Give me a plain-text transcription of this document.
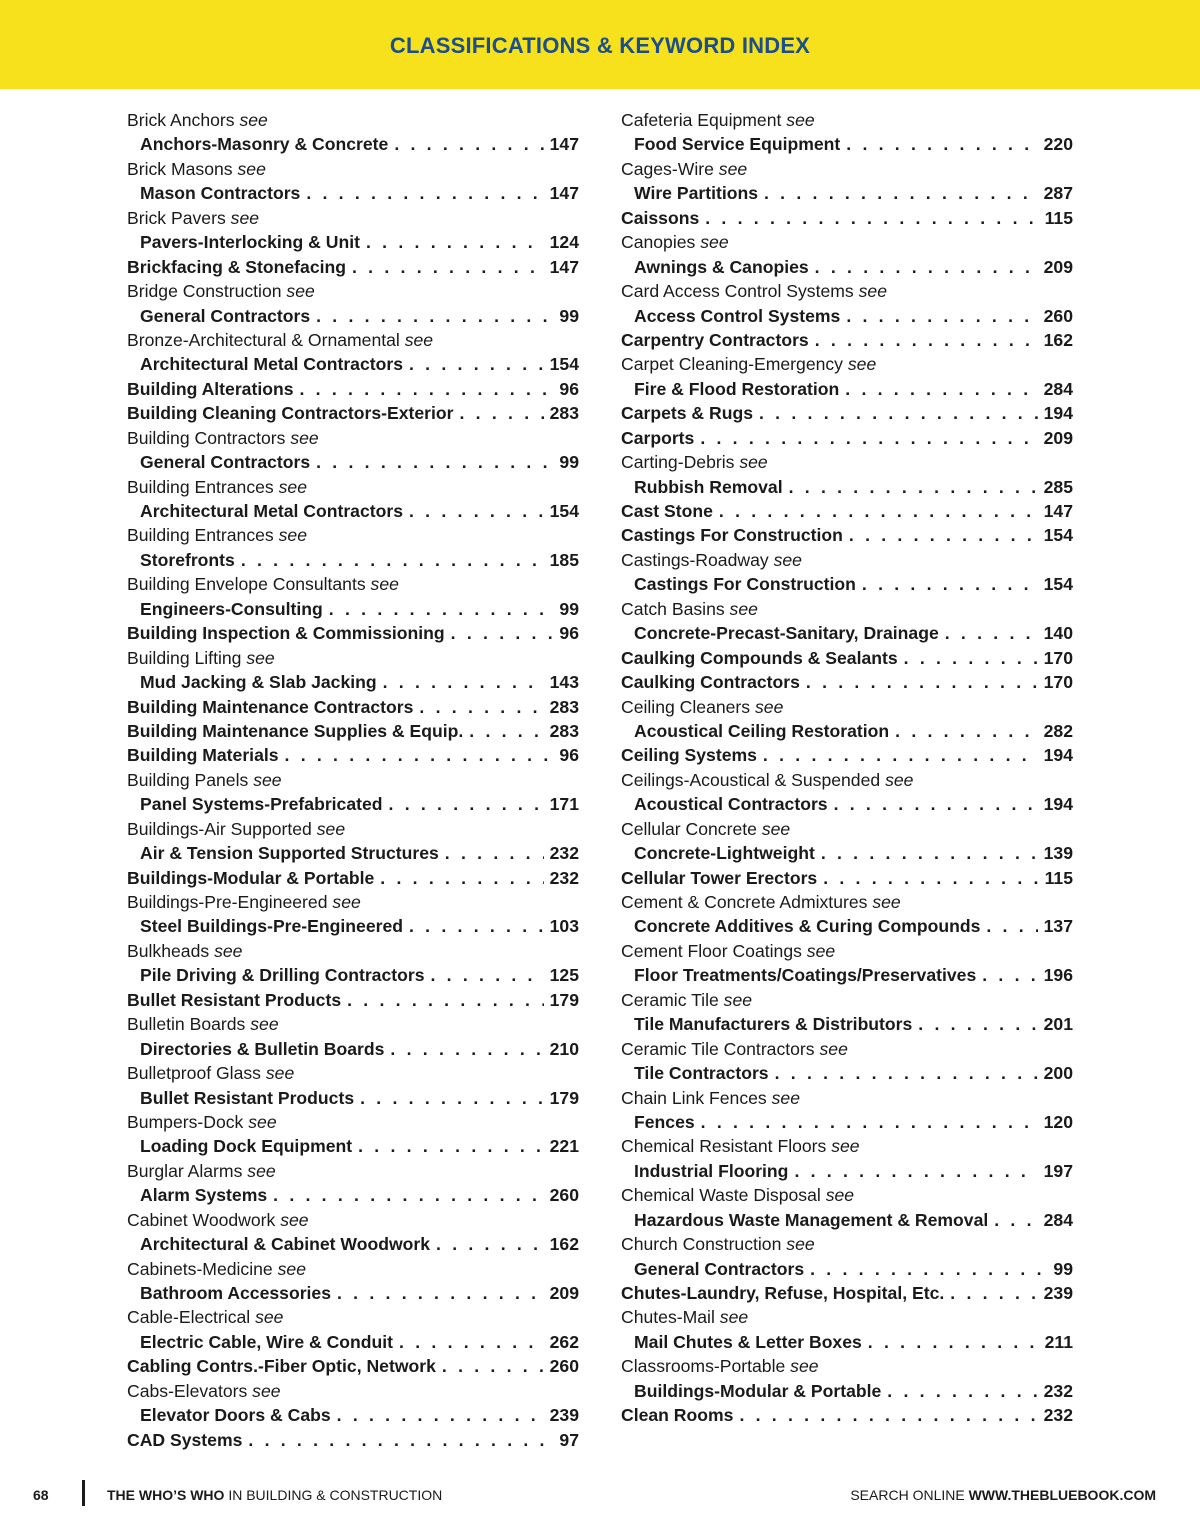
CLASSIFICATIONS & KEYWORD INDEX
Brick Anchors see
Anchors-Masonry & Concrete . . .	147
Brick Masons see
Mason Contractors . . .	147
Brick Pavers see
Pavers-Interlocking & Unit . . .	124
Brickfacing & Stonefacing . . .	147
Bridge Construction see
General Contractors . . .	99
Bronze-Architectural & Ornamental see
Architectural Metal Contractors . . .	154
Building Alterations . . .	96
Building Cleaning Contractors-Exterior . . .	283
Building Contractors see
General Contractors . . .	99
Building Entrances see
Architectural Metal Contractors . . .	154
Building Entrances see
Storefronts . . .	185
Building Envelope Consultants see
Engineers-Consulting . . .	99
Building Inspection & Commissioning . . .	96
Building Lifting see
Mud Jacking & Slab Jacking . . .	143
Building Maintenance Contractors . . .	283
Building Maintenance Supplies & Equip. . . .	283
Building Materials . . .	96
Building Panels see
Panel Systems-Prefabricated . . .	171
Buildings-Air Supported see
Air & Tension Supported Structures . . .	232
Buildings-Modular & Portable . . .	232
Buildings-Pre-Engineered see
Steel Buildings-Pre-Engineered . . .	103
Bulkheads see
Pile Driving & Drilling Contractors . . .	125
Bullet Resistant Products . . .	179
Bulletin Boards see
Directories & Bulletin Boards . . .	210
Bulletproof Glass see
Bullet Resistant Products . . .	179
Bumpers-Dock see
Loading Dock Equipment . . .	221
Burglar Alarms see
Alarm Systems . . .	260
Cabinet Woodwork see
Architectural & Cabinet Woodwork . . .	162
Cabinets-Medicine see
Bathroom Accessories . . .	209
Cable-Electrical see
Electric Cable, Wire & Conduit . . .	262
Cabling Contrs.-Fiber Optic, Network . . .	260
Cabs-Elevators see
Elevator Doors & Cabs . . .	239
CAD Systems . . .	97
Cafeteria Equipment see
Food Service Equipment . . .	220
Cages-Wire see
Wire Partitions . . .	287
Caissons . . .	115
Canopies see
Awnings & Canopies . . .	209
Card Access Control Systems see
Access Control Systems . . .	260
Carpentry Contractors . . .	162
Carpet Cleaning-Emergency see
Fire & Flood Restoration . . .	284
Carpets & Rugs . . .	194
Carports . . .	209
Carting-Debris see
Rubbish Removal . . .	285
Cast Stone . . .	147
Castings For Construction . . .	154
Castings-Roadway see
Castings For Construction . . .	154
Catch Basins see
Concrete-Precast-Sanitary, Drainage . . .	140
Caulking Compounds & Sealants . . .	170
Caulking Contractors . . .	170
Ceiling Cleaners see
Acoustical Ceiling Restoration . . .	282
Ceiling Systems . . .	194
Ceilings-Acoustical & Suspended see
Acoustical Contractors . . .	194
Cellular Concrete see
Concrete-Lightweight . . .	139
Cellular Tower Erectors . . .	115
Cement & Concrete Admixtures see
Concrete Additives & Curing Compounds . . .	137
Cement Floor Coatings see
Floor Treatments/Coatings/Preservatives . . .	196
Ceramic Tile see
Tile Manufacturers & Distributors . . .	201
Ceramic Tile Contractors see
Tile Contractors . . .	200
Chain Link Fences see
Fences . . .	120
Chemical Resistant Floors see
Industrial Flooring . . .	197
Chemical Waste Disposal see
Hazardous Waste Management & Removal . . .	284
Church Construction see
General Contractors . . .	99
Chutes-Laundry, Refuse, Hospital, Etc. . . .	239
Chutes-Mail see
Mail Chutes & Letter Boxes . . .	211
Classrooms-Portable see
Buildings-Modular & Portable . . .	232
Clean Rooms . . .	232
68	THE WHO’S WHO IN BUILDING & CONSTRUCTION	SEARCH ONLINE WWW.THEBLUEBOOK.COM
